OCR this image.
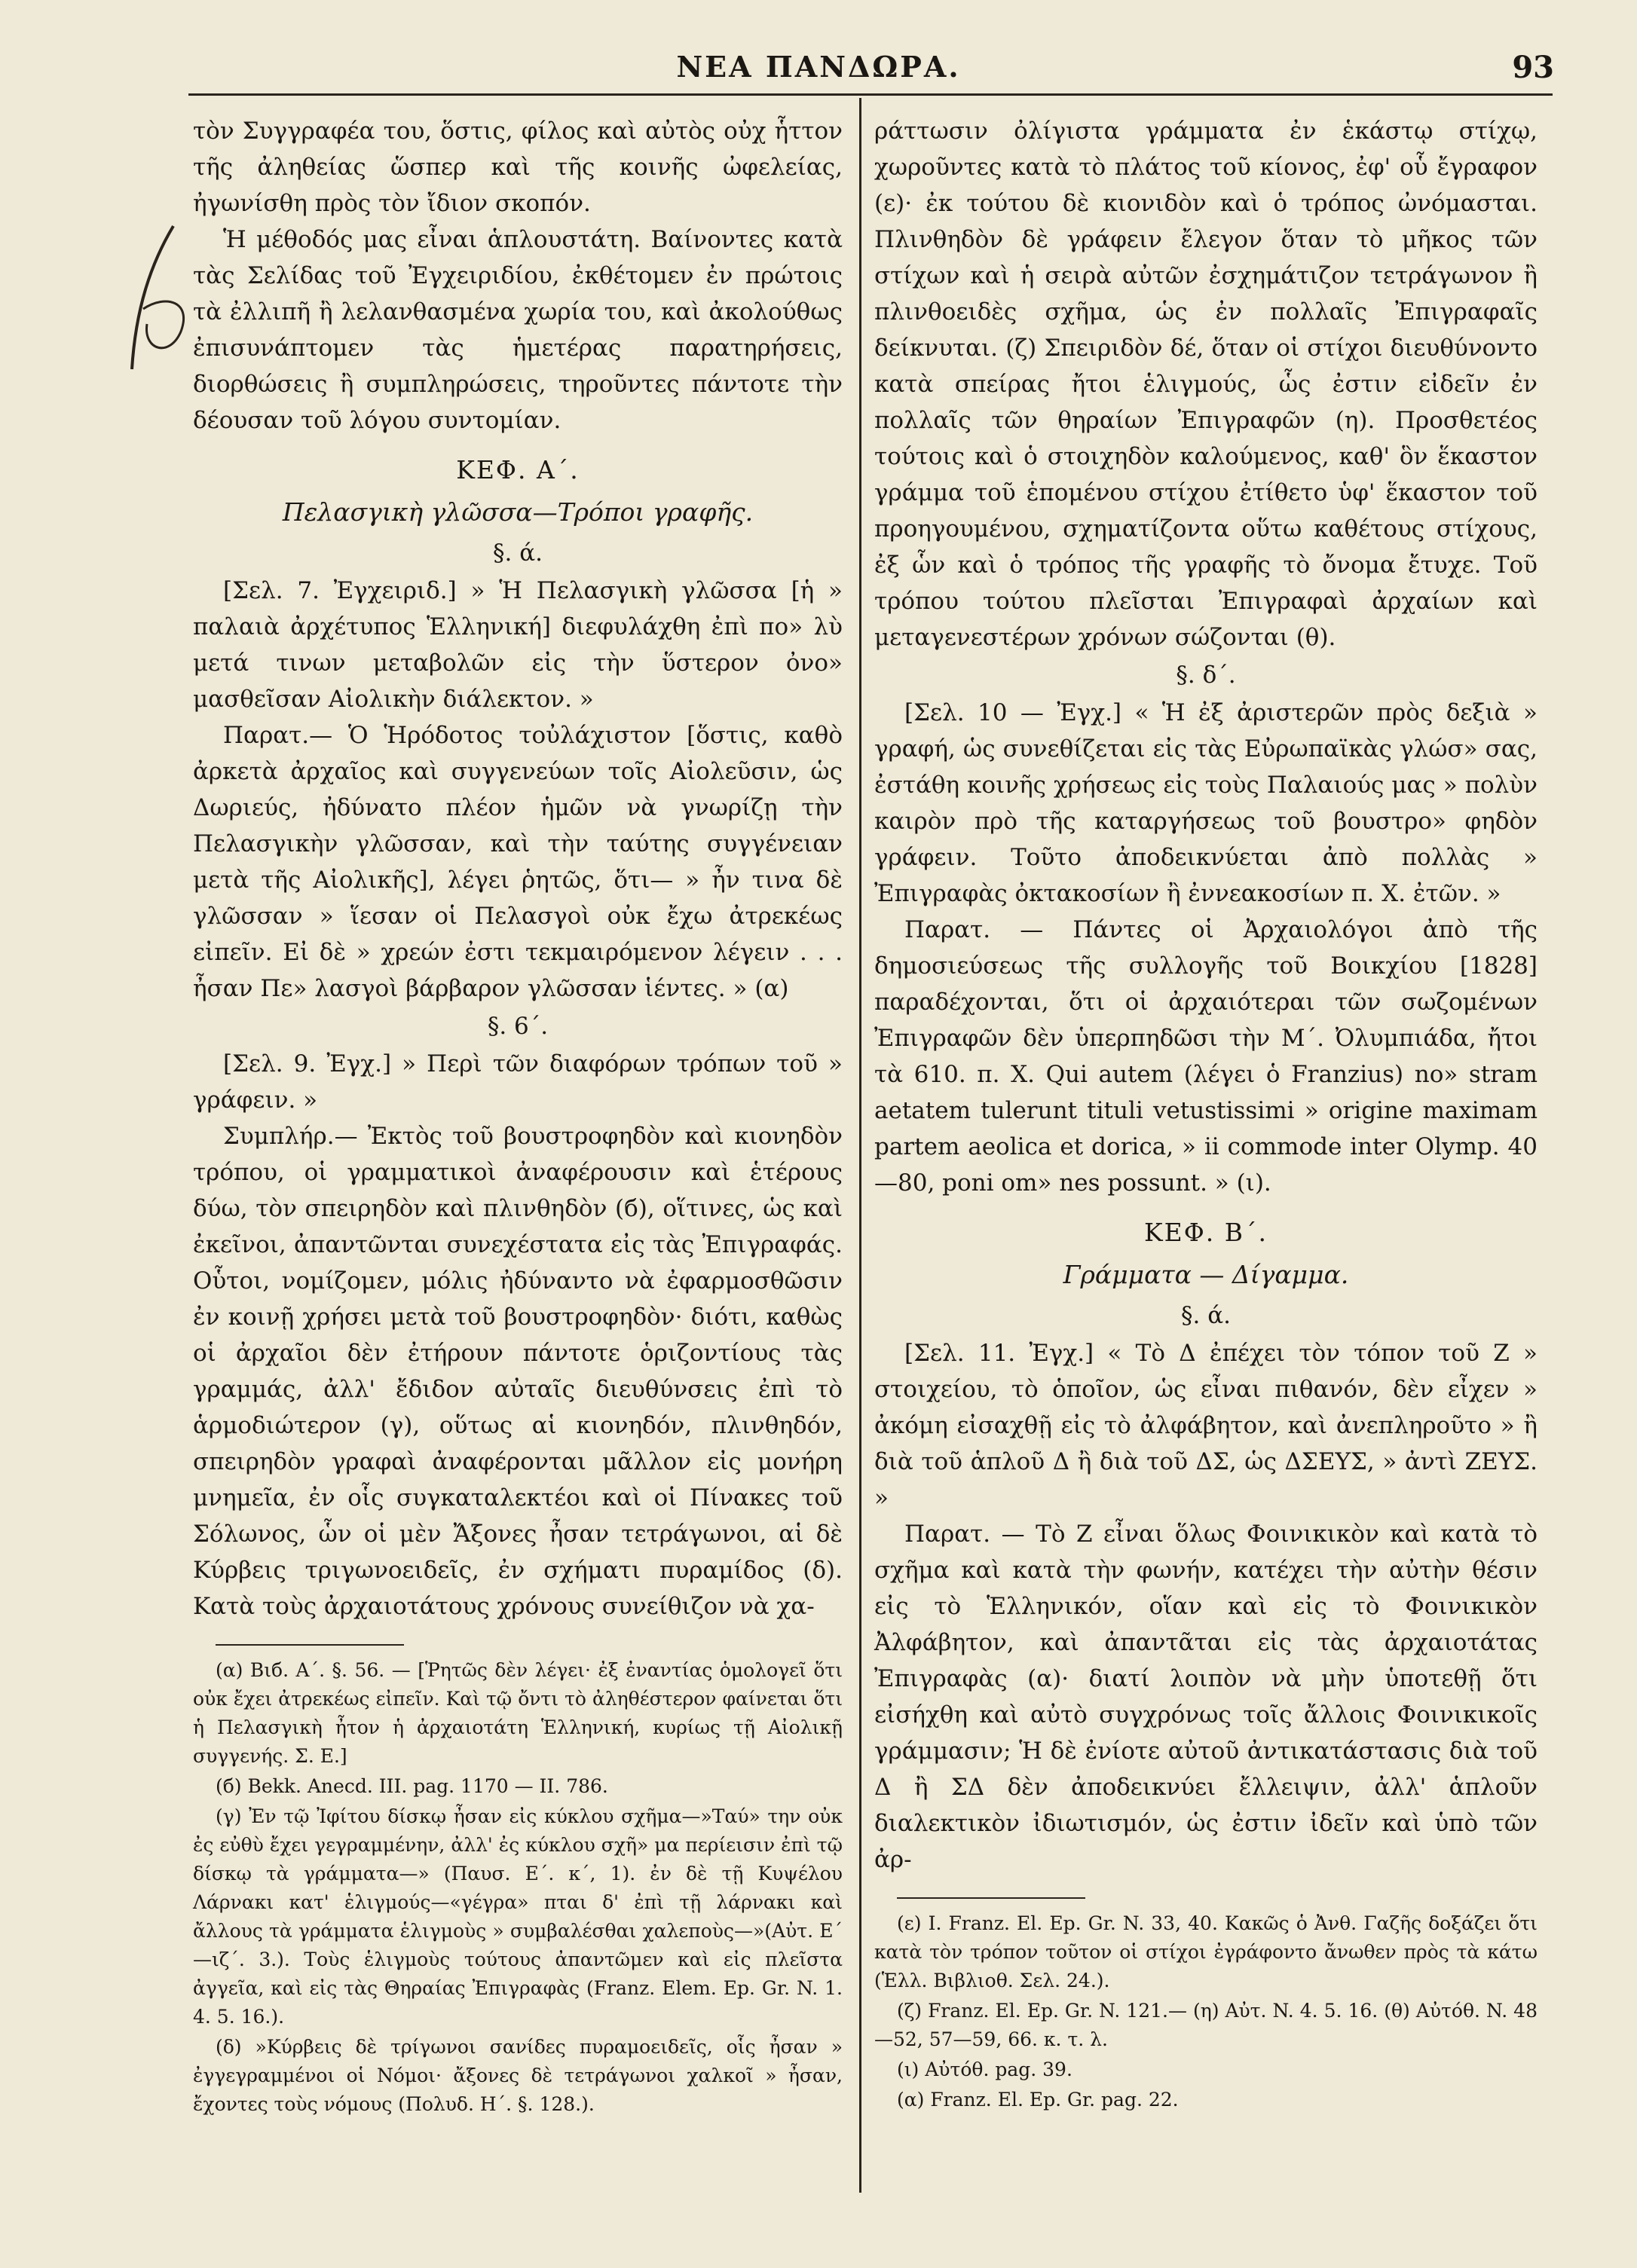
ΝΕΑ ΠΑΝΔΩΡΑ.	93

τὸν Συγγραφέα του, ὅστις, φίλος καὶ αὐτὸς οὐχ ἧττον τῆς ἀληθείας ὥσπερ καὶ τῆς κοινῆς ὠφελείας, ἠγωνίσθη πρὸς τὸν ἴδιον σκοπόν.

Ἡ μέθοδός μας εἶναι ἁπλουστάτη. Βαίνοντες κατὰ τὰς Σελίδας τοῦ Ἐγχειριδίου, ἐκθέτομεν ἐν πρώτοις τὰ ἐλλιπῆ ἢ λελανθασμένα χωρία του, καὶ ἀκολούθως ἐπισυνάπτομεν τὰς ἡμετέρας παρατηρήσεις, διορθώσεις ἢ συμπληρώσεις, τηροῦντες πάντοτε τὴν δέουσαν τοῦ λόγου συντομίαν.

ΚΕΦ. Α΄.
Πελασγικὴ γλῶσσα—Τρόποι γραφῆς.
§. ά.

[Σελ. 7. Ἐγχειριδ.] » Ἡ Πελασγικὴ γλῶσσα [ἡ » παλαιὰ ἀρχέτυπος Ἑλληνική] διεφυλάχθη ἐπὶ πο» λὺ μετά τινων μεταβολῶν εἰς τὴν ὕστερον ὀνο» μασθεῖσαν Αἰολικὴν διάλεκτον. »

Παρατ.— Ὁ Ἡρόδοτος τοὐλάχιστον [ὅστις, καθὸ ἀρκετὰ ἀρχαῖος καὶ συγγενεύων τοῖς Αἰολεῦσιν, ὡς Δωριεύς, ἠδύνατο πλέον ἡμῶν νὰ γνωρίζῃ τὴν Πελασγικὴν γλῶσσαν, καὶ τὴν ταύτης συγγένειαν μετὰ τῆς Αἰολικῆς], λέγει ῥητῶς, ὅτι— » ἦν τινα δὲ γλῶσσαν » ἵεσαν οἱ Πελασγοὶ οὐκ ἔχω ἀτρεκέως εἰπεῖν. Εἰ δὲ » χρεών ἐστι τεκμαιρόμενον λέγειν . . . ἦσαν Πε» λασγοὶ βάρβαρον γλῶσσαν ἱέντες. » (α)

§. 6΄.

[Σελ. 9. Ἐγχ.] » Περὶ τῶν διαφόρων τρόπων τοῦ » γράφειν. »

Συμπλήρ.— Ἐκτὸς τοῦ βουστροφηδὸν καὶ κιονηδὸν τρόπου, οἱ γραμματικοὶ ἀναφέρουσιν καὶ ἑτέρους δύω, τὸν σπειρηδὸν καὶ πλινθηδὸν (б), οἵτινες, ὡς καὶ ἐκεῖνοι, ἀπαντῶνται συνεχέστατα εἰς τὰς Ἐπιγραφάς. Οὗτοι, νομίζομεν, μόλις ἠδύναντο νὰ ἐφαρμοσθῶσιν ἐν κοινῇ χρήσει μετὰ τοῦ βουστροφηδὸν· διότι, καθὼς οἱ ἀρχαῖοι δὲν ἐτήρουν πάντοτε ὁριζοντίους τὰς γραμμάς, ἀλλ' ἔδιδον αὐταῖς διευθύνσεις ἐπὶ τὸ ἁρμοδιώτερον (γ), οὕτως αἱ κιονηδόν, πλινθηδόν, σπειρηδὸν γραφαὶ ἀναφέρονται μᾶλλον εἰς μονήρη μνημεῖα, ἐν οἷς συγκαταλεκτέοι καὶ οἱ Πίνακες τοῦ Σόλωνος, ὧν οἱ μὲν Ἄξονες ἦσαν τετράγωνοι, αἱ δὲ Κύρβεις τριγωνοειδεῖς, ἐν σχήματι πυραμίδος (δ). Κατὰ τοὺς ἀρχαιοτάτους χρόνους συνείθιζον νὰ χα-

(α) Βιб. Α΄. §. 56. — [Ῥητῶς δὲν λέγει· ἐξ ἐναντίας ὁμολογεῖ ὅτι οὐκ ἔχει ἀτρεκέως εἰπεῖν. Καὶ τῷ ὄντι τὸ ἀληθέστερον φαίνεται ὅτι ἡ Πελασγικὴ ἦτον ἡ ἀρχαιοτάτη Ἑλληνική, κυρίως τῇ Αἰολικῇ συγγενής. Σ. Ε.]

(б) Bekk. Anecd. III. pag. 1170 — II. 786.

(γ) Ἐν τῷ Ἰφίτου δίσκῳ ἦσαν εἰς κύκλου σχῆμα—»Ταύ» την οὐκ ἐς εὐθὺ ἔχει γεγραμμένην, ἀλλ' ἐς κύκλου σχῆ» μα περίεισιν ἐπὶ τῷ δίσκῳ τὰ γράμματα—» (Παυσ. Ε΄. κ΄, 1). ἐν δὲ τῇ Κυψέλου Λάρνακι κατ' ἑλιγμούς—«γέγρα» πται δ' ἐπὶ τῇ λάρνακι καὶ ἄλλους τὰ γράμματα ἑλιγμοὺς » συμβαλέσθαι χαλεποὺς—»(Αὐτ. Ε΄—ιζ΄. 3.). Τοὺς ἑλιγμοὺς τούτους ἀπαντῶμεν καὶ εἰς πλεῖστα ἀγγεῖα, καὶ εἰς τὰς Θηραίας Ἐπιγραφὰς (Franz. Elem. Ep. Gr. N. 1. 4. 5. 16.).

(δ) »Κύρβεις δὲ τρίγωνοι σανίδες πυραμοειδεῖς, οἷς ἦσαν » ἐγγεγραμμένοι οἱ Νόμοι· ἄξονες δὲ τετράγωνοι χαλκοῖ » ἦσαν, ἔχοντες τοὺς νόμους (Πολυδ. Η΄. §. 128.).

ράττωσιν ὀλίγιστα γράμματα ἐν ἑκάστῳ στίχῳ, χωροῦντες κατὰ τὸ πλάτος τοῦ κίονος, ἐφ' οὗ ἔγραφον (ε)· ἐκ τούτου δὲ κιονιδὸν καὶ ὁ τρόπος ὠνόμασται. Πλινθηδὸν δὲ γράφειν ἔλεγον ὅταν τὸ μῆκος τῶν στίχων καὶ ἡ σειρὰ αὐτῶν ἐσχημάτιζον τετράγωνον ἢ πλινθοειδὲς σχῆμα, ὡς ἐν πολλαῖς Ἐπιγραφαῖς δείκνυται. (ζ) Σπειριδὸν δέ, ὅταν οἱ στίχοι διευθύνοντο κατὰ σπείρας ἤτοι ἑλιγμούς, ὧς ἐστιν εἰδεῖν ἐν πολλαῖς τῶν θηραίων Ἐπιγραφῶν (η). Προσθετέος τούτοις καὶ ὁ στοιχηδὸν καλούμενος, καθ' ὃν ἕκαστον γράμμα τοῦ ἑπομένου στίχου ἐτίθετο ὑφ' ἕκαστον τοῦ προηγουμένου, σχηματίζοντα οὕτω καθέτους στίχους, ἐξ ὧν καὶ ὁ τρόπος τῆς γραφῆς τὸ ὄνομα ἔτυχε. Τοῦ τρόπου τούτου πλεῖσται Ἐπιγραφαὶ ἀρχαίων καὶ μεταγενεστέρων χρόνων σώζονται (θ).

§. δ΄.

[Σελ. 10 — Ἐγχ.] « Ἡ ἐξ ἀριστερῶν πρὸς δεξιὰ » γραφή, ὡς συνεθίζεται εἰς τὰς Εὐρωπαϊκὰς γλώσ» σας, ἐστάθη κοινῆς χρήσεως εἰς τοὺς Παλαιούς μας » πολὺν καιρὸν πρὸ τῆς καταργήσεως τοῦ βουστρο» φηδὸν γράφειν. Τοῦτο ἀποδεικνύεται ἀπὸ πολλὰς » Ἐπιγραφὰς ὀκτακοσίων ἢ ἐννεακοσίων π. Χ. ἐτῶν. »

Παρατ. — Πάντες οἱ Ἀρχαιολόγοι ἀπὸ τῆς δημοσιεύσεως τῆς συλλογῆς τοῦ Βοικχίου [1828] παραδέχονται, ὅτι οἱ ἀρχαιότεραι τῶν σωζομένων Ἐπιγραφῶν δὲν ὑπερπηδῶσι τὴν Μ΄. Ὀλυμπιάδα, ἤτοι τὰ 610. π. Χ. Qui autem (λέγει ὁ Franzius) no» stram aetatem tulerunt tituli vetustissimi » origine maximam partem aeolica et dorica, » ii commode inter Olymp. 40—80, poni om» nes possunt. » (ι).

ΚΕΦ. Β΄.
Γράμματα — Δίγαμμα.
§. ά.

[Σελ. 11. Ἐγχ.] « Τὸ Δ ἐπέχει τὸν τόπον τοῦ Ζ » στοιχείου, τὸ ὁποῖον, ὡς εἶναι πιθανόν, δὲν εἶχεν » ἀκόμη εἰσαχθῇ εἰς τὸ ἀλφάβητον, καὶ ἀνεπληροῦτο » ἢ διὰ τοῦ ἁπλοῦ Δ ἢ διὰ τοῦ ΔΣ, ὡς ΔΣΕΥΣ, » ἀντὶ ΖΕΥΣ. »

Παρατ. — Τὸ Ζ εἶναι ὅλως Φοινικικὸν καὶ κατὰ τὸ σχῆμα καὶ κατὰ τὴν φωνήν, κατέχει τὴν αὐτὴν θέσιν εἰς τὸ Ἑλληνικόν, οἵαν καὶ εἰς τὸ Φοινικικὸν Ἀλφάβητον, καὶ ἀπαντᾶται εἰς τὰς ἀρχαιοτάτας Ἐπιγραφὰς (α)· διατί λοιπὸν νὰ μὴν ὑποτεθῇ ὅτι εἰσήχθη καὶ αὐτὸ συγχρόνως τοῖς ἄλλοις Φοινικικοῖς γράμμασιν; Ἡ δὲ ἐνίοτε αὐτοῦ ἀντικατάστασις διὰ τοῦ Δ ἢ ΣΔ δὲν ἀποδεικνύει ἔλλειψιν, ἀλλ' ἁπλοῦν διαλεκτικὸν ἰδιωτισμόν, ὡς ἐστιν ἰδεῖν καὶ ὑπὸ τῶν ἀρ-

(ε) I. Franz. El. Ep. Gr. N. 33, 40. Κακῶς ὁ Ἀνθ. Γαζῆς δοξάζει ὅτι κατὰ τὸν τρόπον τοῦτον οἱ στίχοι ἐγράφοντο ἄνωθεν πρὸς τὰ κάτω (Ἑλλ. Βιβλιοθ. Σελ. 24.).

(ζ) Franz. El. Ep. Gr. N. 121.— (η) Αὐτ. N. 4. 5. 16. (θ) Αὐτόθ. N. 48—52, 57—59, 66. κ. τ. λ.

(ι) Αὐτόθ. pag. 39.

(α) Franz. El. Ep. Gr. pag. 22.
